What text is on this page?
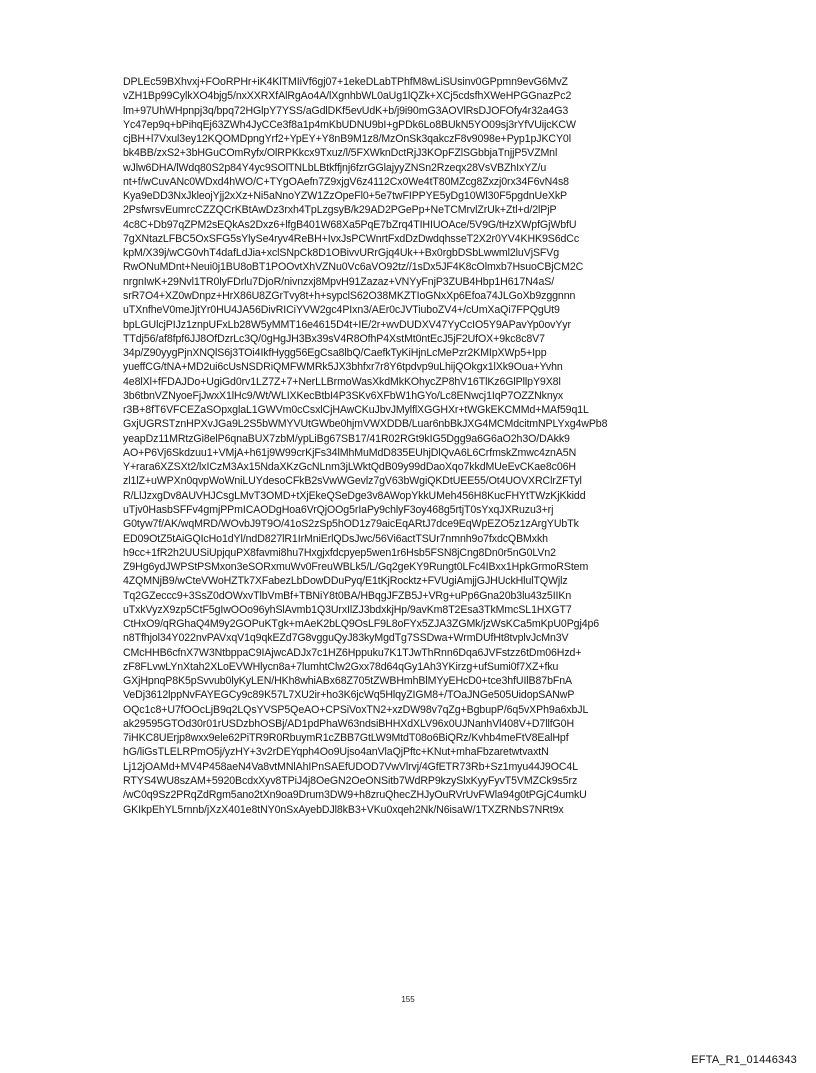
DPLEc59BXhvxj+FOoRPHr+iK4KlTMIiVf6gj07+1ekeDLabTPhfM8wLiSUsinv0GPpmn9evG6MvZ
vZH1Bp99CylkXO4bjg5/nxXXRXfAlRgAo4A/lXgnhbWL0aUg1lQZk+XCj5cdsfhXWeHPGGnazPc2
lm+97UhWHpnpj3q/bpq72HGlpY7YSS/aGdlDKf5evUdK+b/j9i90mG3AOVlRsDJOFOfy4r32a4G3
Yc47ep9q+bPihqEj63ZWh4JyCCe3f8a1p4mKbUDNU9bI+gPDk6Lo8BUkN5YO09sj3rYfVUijcKCW
cjBH+l7Vxul3ey12KQOMDpngYrf2+YpEY+Y8nB9M1z8/MzOnSk3qakczF8v9098e+Pyp1pJKCY0l
bk4BB/zxS2+3bHGuCOmRyfx/OlRPKkcx9Txuz/l/5FXWknDctRjJ3KOpFZlSGbbjaTnjjP5VZMnl
wJlw6DHA/lWdq80S2p84Y4yc9SOlTNLbLBtkffjnj6fzrGGlajyyZNSn2Rzeqx28VsVBZhIxYZ/u
nt+f/wCuvANc0WDxd4hWO/C+TYgOAefn7Z9xjgV6z4112Cx0We4tT80MZcg8Zxzj0rx34F6vN4s8
Kya9eDD3NxJkleojYjj2xXz+Ni5aNnoYZW1ZzOpeFl0+5e7twFIPPYE5yDg10Wl30F5pgdnUeXkP
2PsfwrsvEumrcCZZQCrKBtAwDz3rxh4TpLzgsyB/k29AD2PGePp+NeTCMrvlZrUk+Ztl+d/2lPjP
4c8C+Db97qZPM2sEQkAs2Dxz6+lfgB401W68Xa5PqE7bZrq4TIHIUOAce/5V9G/tHzXWpfGjWbfU
7gXNtazLFBC5OxSFG5sYlySe4ryv4ReBH+IvxJsPCWnrtFxdDzDwdqhsseT2X2r0YV4KHK9S6dCc
kpM/X39j/wCG0vhT4dafLdJia+xclSNpCk8D1OBivvURrGjq4Uk++Bx0rgbDSbLwwml2luVjSFVg
RwONuMDnt+Neui0j1BU8oBT1POOvtXhVZNu0Vc6aVO92tz//1sDx5JF4K8cOlmxb7HsuoCBjCM2C
nrgnIwK+29Nvl1TR0lyFDrlu7DjoR/nivnzxj8MpvH91Zazaz+VNYyFnjP3ZUB4Hbp1H617N4aS/
srR7O4+XZ0wDnpz+HrX86U8ZGrTvy8t+h+sypclS62O38MKZTIoGNxXp6Efoa74JLGoXb9zggnnn
uTXnfheV0meJjtYr0HU4JA56DivRICiYVW2gc4PIxn3/AEr0cJVTiuboZV4+/cUmXaQi7FPQgUt9
bpLGUlcjPIJz1znpUFxLb28W5yMMT16e4615D4t+IE/2r+wvDUDXV47YyCcIO5Y9APavYp0ovYyr
TTdj56/af8fpf6JJ8OfDzrLc3Q/0gHgJH3Bx39sV4R8OfhP4XstMt0ntEcJ5jF2UfOX+9kc8c8V7
34p/Z90yygPjnXNQlS6j3TOi4IkfHygg56EgCsa8lbQ/CaefkTyKiHjnLcMePzr2KMIpXWp5+Ipp
yueffCG/tNA+MD2ui6cUsNSDRiQMFWMRk5JX3bhfxr7r8Y6tpdvp9uLhijQOkgx1lXk9Oua+Yvhn
4e8lXl+fFDAJDo+UgiGd0rv1LZ7Z+7+NerLLBrmoWasXkdMkKOhycZP8hV16TlKz6GlPllpY9X8l
3b6tbnVZNyoeFjJwxX1lHc9/Wt/WLIXKecBtbI4P3SKv6XFbW1hGYo/Lc8ENwcj1IqP7OZZNknyx
r3B+8fT6VFCEZaSOpxglaL1GWVm0cCsxlCjHAwCKuJbvJMylflXGGHXr+tWGkEKCMMd+MAf59q1L
GxjUGRSTznHPXvJGa9L2S5bWMYVUtGWbe0hjmVWXDDB/Luar6nbBkJXG4MCMdcitmNPLYxg4wPb8
yeapDz11MRtzGi8elP6qnaBUX7zbM/ypLiBg67SB17/41R02RGt9kIG5Dgg9a6G6aO2h3O/DAkk9
AO+P6Vj6Skdzuu1+VMjA+h61j9W99crKjFs34lMhMuMdD835EUhjDlQvA6L6CrfmskZmwc4znA5N
Y+rara6XZSXt2/lxICzM3Ax15NdaXKzGcNLnm3jLWktQdB09y99dDaoXqo7kkdMUeEvCKae8c06H
zl1lZ+uWPXn0qvpWoWniLUYdesoCFkB2sVwWGevlz7gV63bWgiQKDtUEE55/Ot4UOVXRClrZFTyl
R/LlJzxgDv8AUVHJCsgLMvT3OMD+tXjEkeQSeDge3v8AWopYkkUMeh456H8KucFHYtTWzKjKkidd
uTjv0HasbSFFv4gmjPPmICAODgHoa6VrQjOOg5rIaPy9chlyF3oy468g5rtjT0sYxqJXRuzu3+rj
G0tyw7f/AK/wqMRD/WOvbJ9T9O/41oS2zSp5hOD1z79aicEqARtJ7dce9EqWpEZO5z1zArgYUbTk
ED09OtZ5tAiGQIcHo1dYl/ndD827lR1IrMniErlQDsJwc/56Vi6actTSUr7nmnh9o7fxdcQBMxkh
h9cc+1fR2h2UUSiUpjquPX8favmi8hu7Hxgjxfdcpyep5wen1r6Hsb5FSN8jCng8Dn0r5nG0LVn2
Z9Hg6ydJWPStPSMxon3eSORxmuWv0FreuWBLk5/L/Gq2geKY9Rungt0LFc4IBxx1HpkGrmoRStem
4ZQMNjB9/wCteVWoHZTk7XFabezLbDowDDuPyq/E1tKjRocktz+FVUgiAmjjGJHUckHlulTQWjlz
Tq2GZeccc9+3SsZ0dOWxvTlbVmBf+TBNiY8t0BA/HBqgJFZB5J+VRg+uPp6Gna20b3lu43z5IIKn
uTxkVyzX9zp5CtF5gIwOOo96yhSlAvmb1Q3UrxIlZJ3bdxkjHp/9avKm8T2Esa3TkMmcSL1HXGT7
CtHxO9/qRGhaQ4M9y2GOPuKTgk+mAeK2bLQ9OsLF9L8oFYx5ZJA3ZGMk/jzWsKCa5mKpU0Pgj4p6
n8Tfhjol34Y022nvPAVxqV1q9qkEZd7G8vgguQyJ83kyMgdTg7SSDwa+WrmDUfHt8tvplvJcMn3V
CMcHHB6cfnX7W3NtbppaC9IAjwcADJx7c1HZ6Hppuku7K1TJwThRnn6Dqa6JVFstzz6tDm06Hzd+
zF8FLvwLYnXtah2XLoEVWHlycn8a+7lumhtClw2Gxx78d64qGy1Ah3YKirzg+ufSumi0f7XZ+fku
GXjHpnqP8K5pSvvub0lyKyLEN/HKh8whiABx68Z705tZWBHmhBlMYyEHcD0+tce3hfUIlB87bFnA
VeDj3612lppNvFAYEGCy9c89K57L7XU2ir+ho3K6jcWq5HlqyZIGM8+/TOaJNGe505UidopSANwP
OQc1c8+U7fOOcLjB9q2LQsYVSP5QeAO+CPSiVoxTN2+xzDW98v7qZg+BgbupP/6q5vXPh9a6xbJL
ak29595GTOd30r01rUSDzbhOSBj/AD1pdPhaW63ndsiBHHXdXLV96x0UJNanhVl408V+D7llfG0H
7iHKC8UErjp8wxx9ele62PiTR9R0RbuymR1cZBB7GtLW9MtdT08o6BiQRz/Kvhb4meFtV8EalHpf
hG/liGsTLELRPmO5j/yzHY+3v2rDEYqph4Oo9Ujso4anVlaQjPftc+KNut+mhaFbzaretwtvaxtN
Lj12jOAMd+MV4P458aeN4Va8vtMNlAhIPnSAEfUDOD7VwVlrvj/4GfETR73Rb+Sz1myu44J9OC4L
RTYS4WU8szAM+5920BcdxXyv8TPiJ4j8OeGN2OeONSitb7WdRP9kzySlxKyyFyvT5VMZCk9s5rz
/wC0q9Sz2PRqZdRgm5ano2tXn9oa9Drum3DW9+h8zruQhecZHJyOuRVrUvFWla94g0tPGjC4umkU
GKIkpEhYL5rnnb/jXzX401e8tNY0nSxAyebDJl8kB3+VKu0xqeh2Nk/N6isaW/1TXZRNbS7NRt9x
155
EFTA_R1_01446343
